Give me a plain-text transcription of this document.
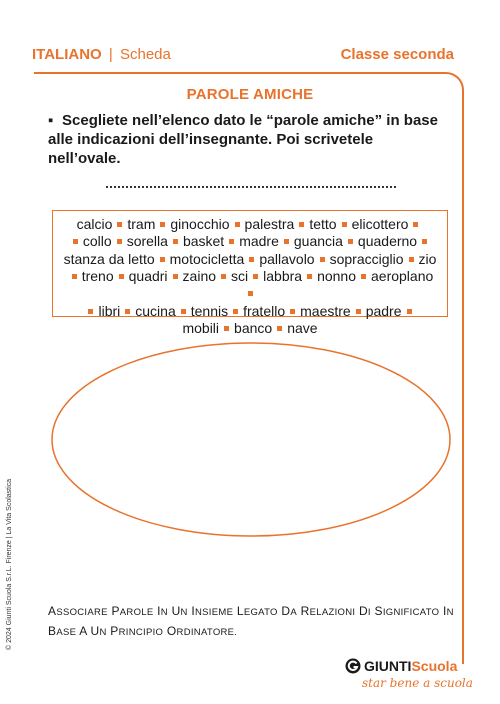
ITALIANO | Scheda	Classe seconda
PAROLE AMICHE
▪ Scegliete nell’elenco dato le “parole amiche” in base alle indicazioni dell’insegnante. Poi scrivetele nell’ovale.
calcio tram ginocchio palestra tetto elicottero
collo sorella basket madre guancia quaderno
stanza da letto motocicletta pallavolo sopracciglio zio
treno quadri zaino sci labbra nonno aeroplano
libri cucina tennis fratello maestre padre
mobili banco nave
ASSOCIARE PAROLE IN UN INSIEME LEGATO DA RELAZIONI DI SIGNIFICATO IN BASE A UN PRINCIPIO ORDINATORE.
© 2024 Giunti Scuola S.r.L. Firenze | La Vita Scolastica
GIUNTI Scuola
star bene a scuola
